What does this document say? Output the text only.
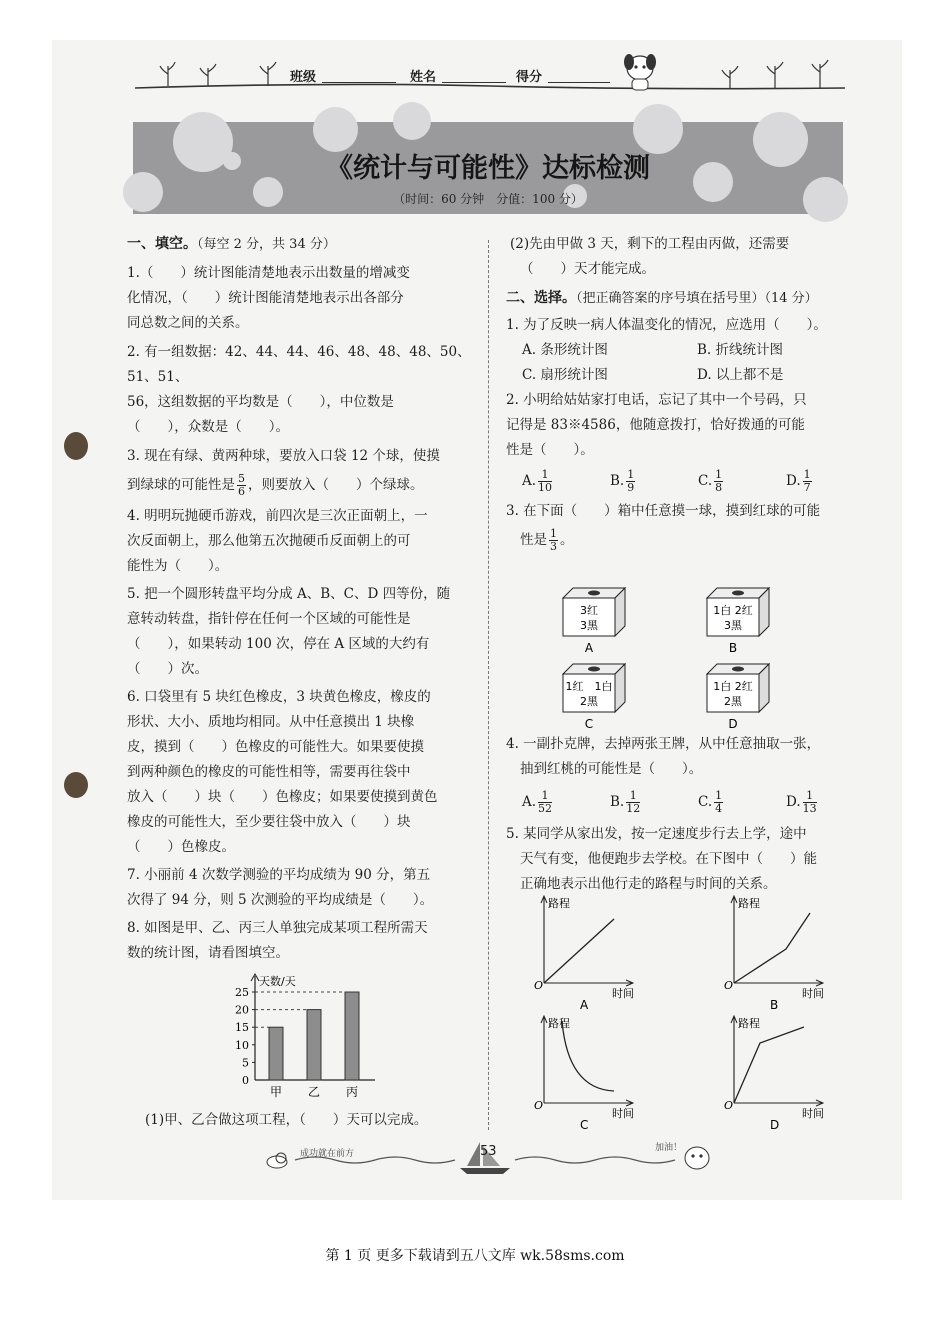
班级	姓名	得分
《统计与可能性》达标检测
（时间：60 分钟　分值：100 分）

一、填空。（每空 2 分，共 34 分）

1.（　　）统计图能清楚地表示出数量的增减变

化情况，（　　）统计图能清楚地表示出各部分

同总数之间的关系。

2. 有一组数据：42、44、44、46、48、48、48、50、51、51、

56，这组数据的平均数是（　　），中位数是

（　　），众数是（　　）。

3. 现在有绿、黄两种球，要放入口袋 12 个球，使摸

到绿球的可能性是 $\frac{5}{6}$ ，则要放入（　　）个绿球。

4. 明明玩抛硬币游戏，前四次是三次正面朝上，一

次反面朝上，那么他第五次抛硬币反面朝上的可

能性为（　　）。

5. 把一个圆形转盘平均分成 A、B、C、D 四等份，随

意转动转盘，指针停在任何一个区域的可能性是

（　　），如果转动 100 次，停在 A 区域的大约有

（　　）次。

6. 口袋里有 5 块红色橡皮，3 块黄色橡皮，橡皮的

形状、大小、质地均相同。从中任意摸出 1 块橡

皮，摸到（　　）色橡皮的可能性大。如果要使摸

到两种颜色的橡皮的可能性相等，需要再往袋中

放入（　　）块（　　）色橡皮；如果要使摸到黄色

橡皮的可能性大，至少要往袋中放入（　　）块

（　　）色橡皮。

7. 小丽前 4 次数学测验的平均成绩为 90 分，第五

次得了 94 分，则 5 次测验的平均成绩是（　　）。

8. 如图是甲、乙、丙三人单独完成某项工程所需天

数的统计图，请看图填空。

天数/天
0
5
10
15
20
25
甲 乙 丙

(1)甲、乙合做这项工程，（　　）天可以完成。

(2)先由甲做 3 天，剩下的工程由丙做，还需要

（　　）天才能完成。

二、选择。（把正确答案的序号填在括号里）（14 分）

1. 为了反映一病人体温变化的情况，应选用（　　）。

A. 条形统计图	B. 折线统计图
C. 扇形统计图	D. 以上都不是

2. 小明给姑姑家打电话，忘记了其中一个号码，只

记得是 83※4586，他随意拨打，恰好拨通的可能

性是（　　）。

A. $\frac{1}{10}$	B. $\frac{1}{9}$	C. $\frac{1}{8}$	D. $\frac{1}{7}$

3. 在下面（　　）箱中任意摸一球，摸到红球的可能

性是 $\frac{1}{3}$ 。

3红
3黑
A
1白 2红
3黑
B
1红　1白
2黑
C
1白 2红
2黑
D

4. 一副扑克牌，去掉两张王牌，从中任意抽取一张，

抽到红桃的可能性是（　　）。

A. $\frac{1}{52}$	B. $\frac{1}{12}$	C. $\frac{1}{4}$	D. $\frac{1}{13}$

5. 某同学从家出发，按一定速度步行去上学，途中

天气有变，他便跑步去学校。在下图中（　　）能

正确地表示出他行走的路程与时间的关系。

路程
时间
O
A
路程
时间
O
B
路程
时间
O
C
路程
时间
O
D
成功就在前方
加油！
53
第 1 页 更多下载请到五八文库 wk.58sms.com
